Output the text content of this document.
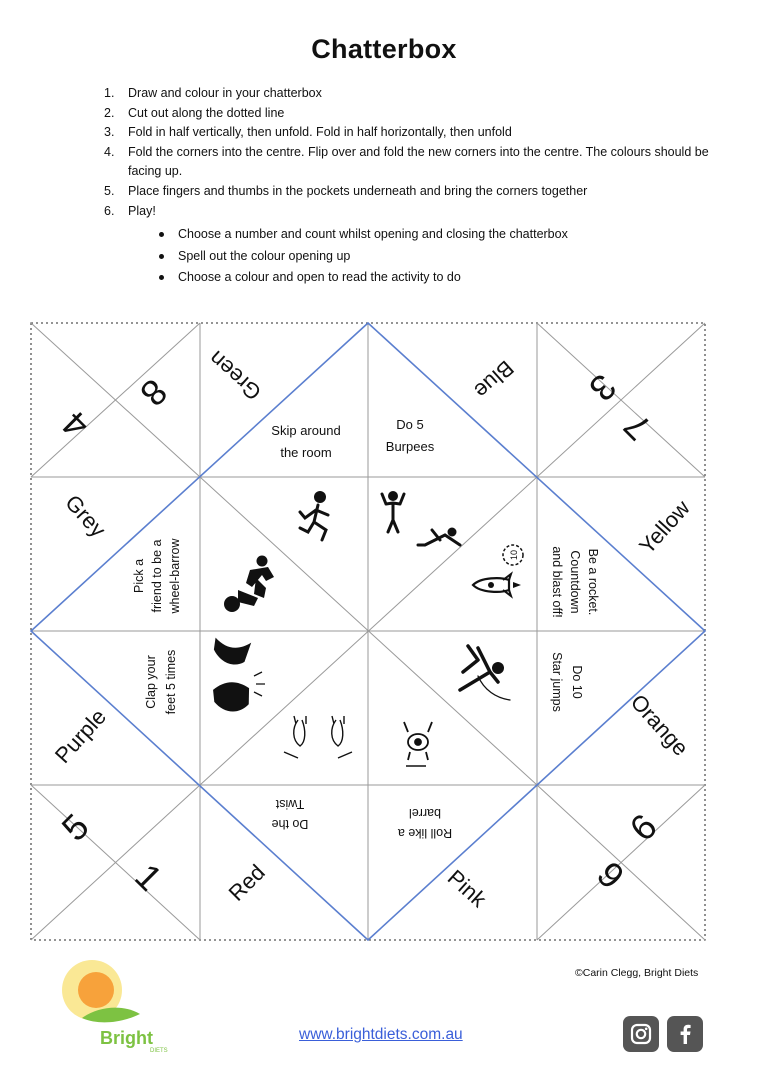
Chatterbox
1. Draw and colour in your chatterbox
2. Cut out along the dotted line
3. Fold in half vertically, then unfold. Fold in half horizontally, then unfold
4. Fold the corners into the centre. Flip over and fold the new corners into the centre. The colours should be facing up.
5. Place fingers and thumbs in the pockets underneath and bring the corners together
6. Play!
Choose a number and count whilst opening and closing the chatterbox
Spell out the colour opening up
Choose a colour and open to read the activity to do
8
4
3
7
5
1	9
6
Green	Blue
Grey	Yellow
Purple	Orange
Red	Pink
Skip around
the room
Do 5
Burpees
Be a rocket.
Countdown
and blast off!
Do 10
Star jumps
Roll like a
barrel
Do the
Twist
Clap your feet 5 times
Pick a friend to be a wheel-barrow	10
©Carin Clegg, Bright Diets
Bright
DIETS
www.brightdiets.com.au
